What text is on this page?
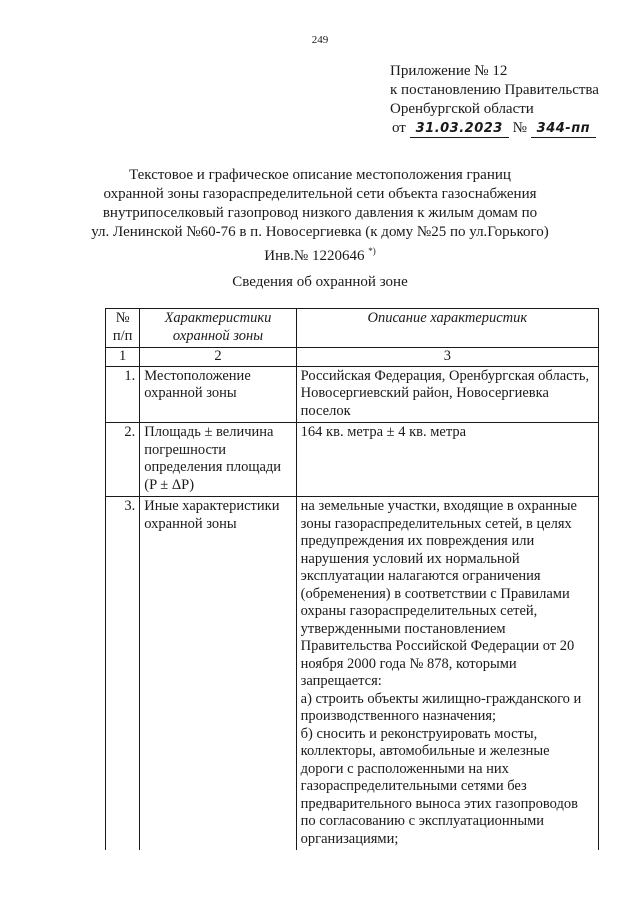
249
Приложение № 12
к постановлению Правительства
Оренбургской области
от 31.03.2023 № 344-пп
Текстовое и графическое описание местоположения границ
охранной зоны газораспределительной сети объекта газоснабжения
внутрипоселковый газопровод низкого давления к жилым домам по
ул. Ленинской №60-76 в п. Новосергиевка (к дому №25 по ул.Горького)
Инв.№ 1220646 *)
Сведения об охранной зоне
№ п/п	Характеристики охранной зоны	Описание характеристик
1	2	3
1.	Местоположение охранной зоны	Российская Федерация, Оренбургская область, Новосергиевский район, Новосергиевка поселок
2.	Площадь ± величина погрешности определения площади (P ± ΔP)	164 кв. метра ± 4 кв. метра
3.	Иные характеристики охранной зоны	на земельные участки, входящие в охранные зоны газораспределительных сетей, в целях предупреждения их повреждения или нарушения условий их нормальной эксплуатации налагаются ограничения (обременения) в соответствии с Правилами охраны газораспределительных сетей, утвержденными постановлением Правительства Российской Федерации от 20 ноября 2000 года № 878, которыми запрещается:
а) строить объекты жилищно-гражданского и производственного назначения;
б) сносить и реконструировать мосты, коллекторы, автомобильные и железные дороги с расположенными на них газораспределительными сетями без предварительного выноса этих газопроводов по согласованию с эксплуатационными организациями;
